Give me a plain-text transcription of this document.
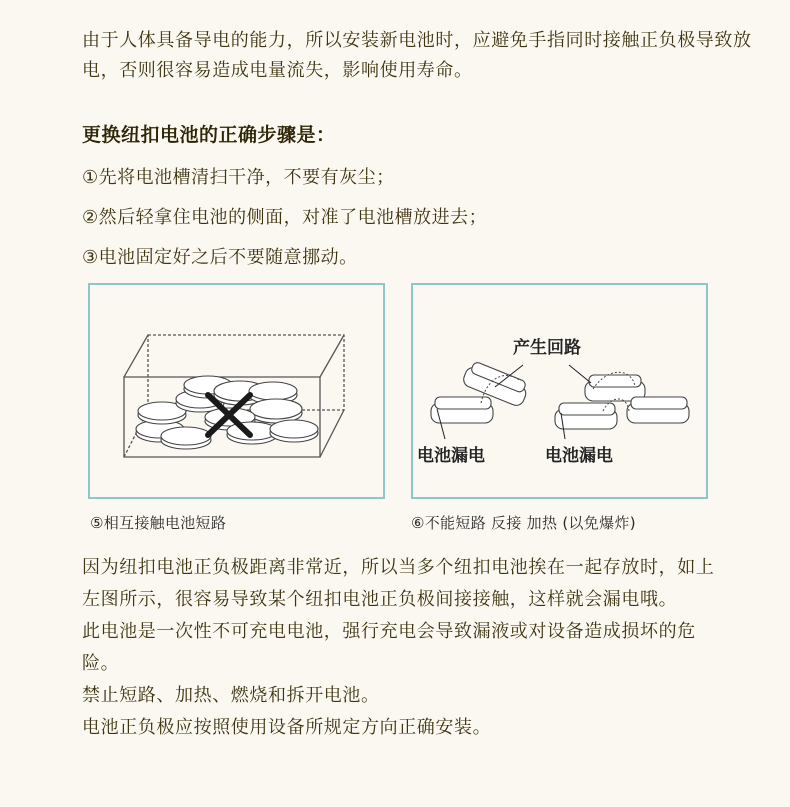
由于人体具备导电的能力，所以安装新电池时，应避免手指同时接触正负极导致放电，否则很容易造成电量流失，影响使用寿命。

更换纽扣电池的正确步骤是：
①先将电池槽清扫干净，不要有灰尘；
②然后轻拿住电池的侧面，对准了电池槽放进去；
③电池固定好之后不要随意挪动。
产生回路
电池漏电	电池漏电
⑤相互接触电池短路	⑥不能短路 反接 加热 (以免爆炸)

因为纽扣电池正负极距离非常近，所以当多个纽扣电池挨在一起存放时，如上左图所示，很容易导致某个纽扣电池正负极间接接触，这样就会漏电哦。

此电池是一次性不可充电电池，强行充电会导致漏液或对设备造成损坏的危险。

禁止短路、加热、燃烧和拆开电池。

电池正负极应按照使用设备所规定方向正确安装。
